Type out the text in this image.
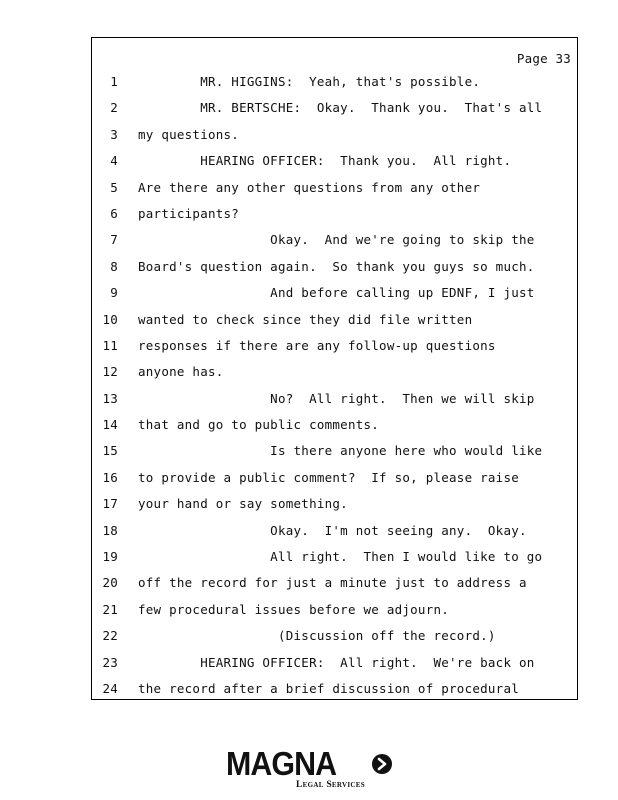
Page 33
1 MR. HIGGINS:  Yeah, that's possible.
2 MR. BERTSCHE:  Okay.  Thank you.  That's all
3 my questions.
4 HEARING OFFICER:  Thank you.  All right.
5 Are there any other questions from any other
6 participants?
7 Okay.  And we're going to skip the
8 Board's question again.  So thank you guys so much.
9 And before calling up EDNF, I just
10 wanted to check since they did file written
11 responses if there are any follow-up questions
12 anyone has.
13 No?  All right.  Then we will skip
14 that and go to public comments.
15 Is there anyone here who would like
16 to provide a public comment?  If so, please raise
17 your hand or say something.
18 Okay.  I'm not seeing any.  Okay.
19 All right.  Then I would like to go
20 off the record for just a minute just to address a
21 few procedural issues before we adjourn.
22 (Discussion off the record.)
23 HEARING OFFICER:  All right.  We're back on
24 the record after a brief discussion of procedural
MAGNA
Legal Services
